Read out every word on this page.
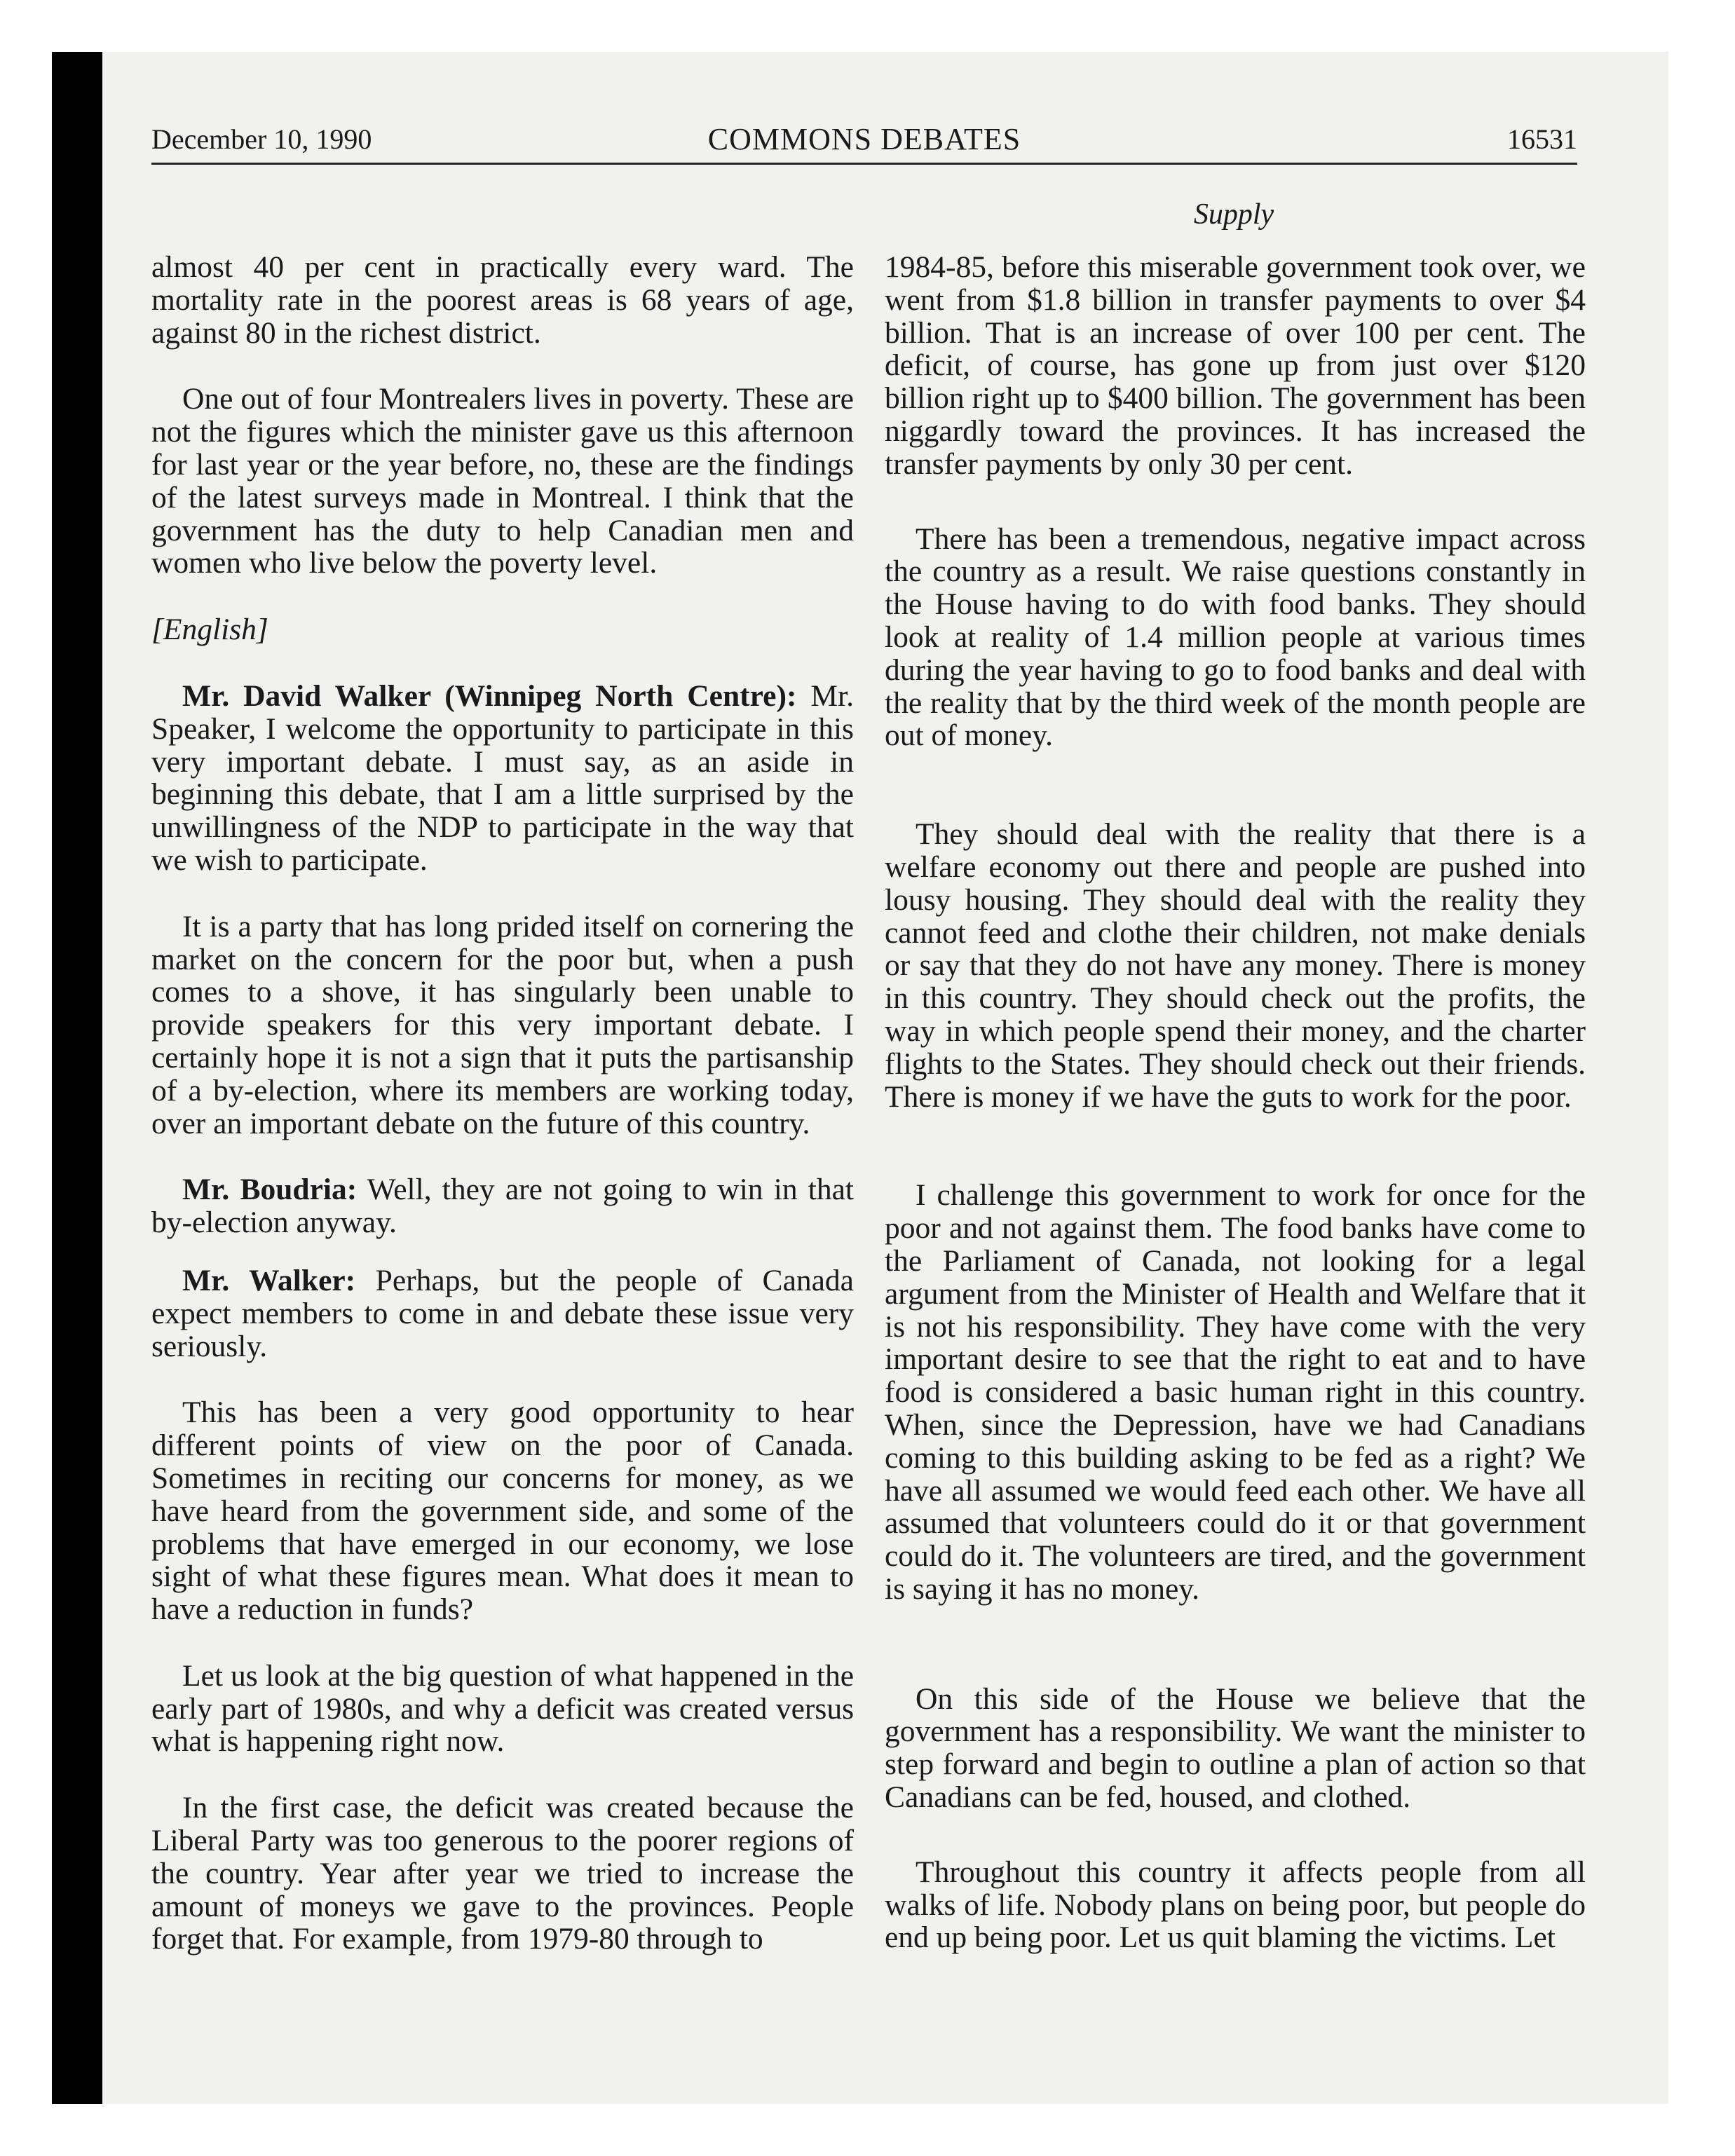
December 10, 1990	COMMONS DEBATES	16531
Supply

almost 40 per cent in practically every ward. The mortality rate in the poorest areas is 68 years of age, against 80 in the richest district.

One out of four Montrealers lives in poverty. These are not the figures which the minister gave us this afternoon for last year or the year before, no, these are the findings of the latest surveys made in Montreal. I think that the government has the duty to help Canadian men and women who live below the poverty level.

[English]

Mr. David Walker (Winnipeg North Centre): Mr. Speaker, I welcome the opportunity to participate in this very important debate. I must say, as an aside in beginning this debate, that I am a little surprised by the unwillingness of the NDP to participate in the way that we wish to participate.

It is a party that has long prided itself on cornering the market on the concern for the poor but, when a push comes to a shove, it has singularly been unable to provide speakers for this very important debate. I certainly hope it is not a sign that it puts the partisanship of a by-election, where its members are working today, over an important debate on the future of this country.

Mr. Boudria: Well, they are not going to win in that by-election anyway.

Mr. Walker: Perhaps, but the people of Canada expect members to come in and debate these issue very seriously.

This has been a very good opportunity to hear different points of view on the poor of Canada. Sometimes in reciting our concerns for money, as we have heard from the government side, and some of the problems that have emerged in our economy, we lose sight of what these figures mean. What does it mean to have a reduction in funds?

Let us look at the big question of what happened in the early part of 1980s, and why a deficit was created versus what is happening right now.

In the first case, the deficit was created because the Liberal Party was too generous to the poorer regions of the country. Year after year we tried to increase the amount of moneys we gave to the provinces. People forget that. For example, from 1979-80 through to

1984-85, before this miserable government took over, we went from $1.8 billion in transfer payments to over $4 billion. That is an increase of over 100 per cent. The deficit, of course, has gone up from just over $120 billion right up to $400 billion. The government has been niggardly toward the provinces. It has increased the transfer payments by only 30 per cent.

There has been a tremendous, negative impact across the country as a result. We raise questions constantly in the House having to do with food banks. They should look at reality of 1.4 million people at various times during the year having to go to food banks and deal with the reality that by the third week of the month people are out of money.

They should deal with the reality that there is a welfare economy out there and people are pushed into lousy housing. They should deal with the reality they cannot feed and clothe their children, not make denials or say that they do not have any money. There is money in this country. They should check out the profits, the way in which people spend their money, and the charter flights to the States. They should check out their friends. There is money if we have the guts to work for the poor.

I challenge this government to work for once for the poor and not against them. The food banks have come to the Parliament of Canada, not looking for a legal argument from the Minister of Health and Welfare that it is not his responsibility. They have come with the very important desire to see that the right to eat and to have food is considered a basic human right in this country. When, since the Depression, have we had Canadians coming to this building asking to be fed as a right? We have all assumed we would feed each other. We have all assumed that volunteers could do it or that government could do it. The volunteers are tired, and the government is saying it has no money.

On this side of the House we believe that the government has a responsibility. We want the minister to step forward and begin to outline a plan of action so that Canadians can be fed, housed, and clothed.

Throughout this country it affects people from all walks of life. Nobody plans on being poor, but people do end up being poor. Let us quit blaming the victims. Let
